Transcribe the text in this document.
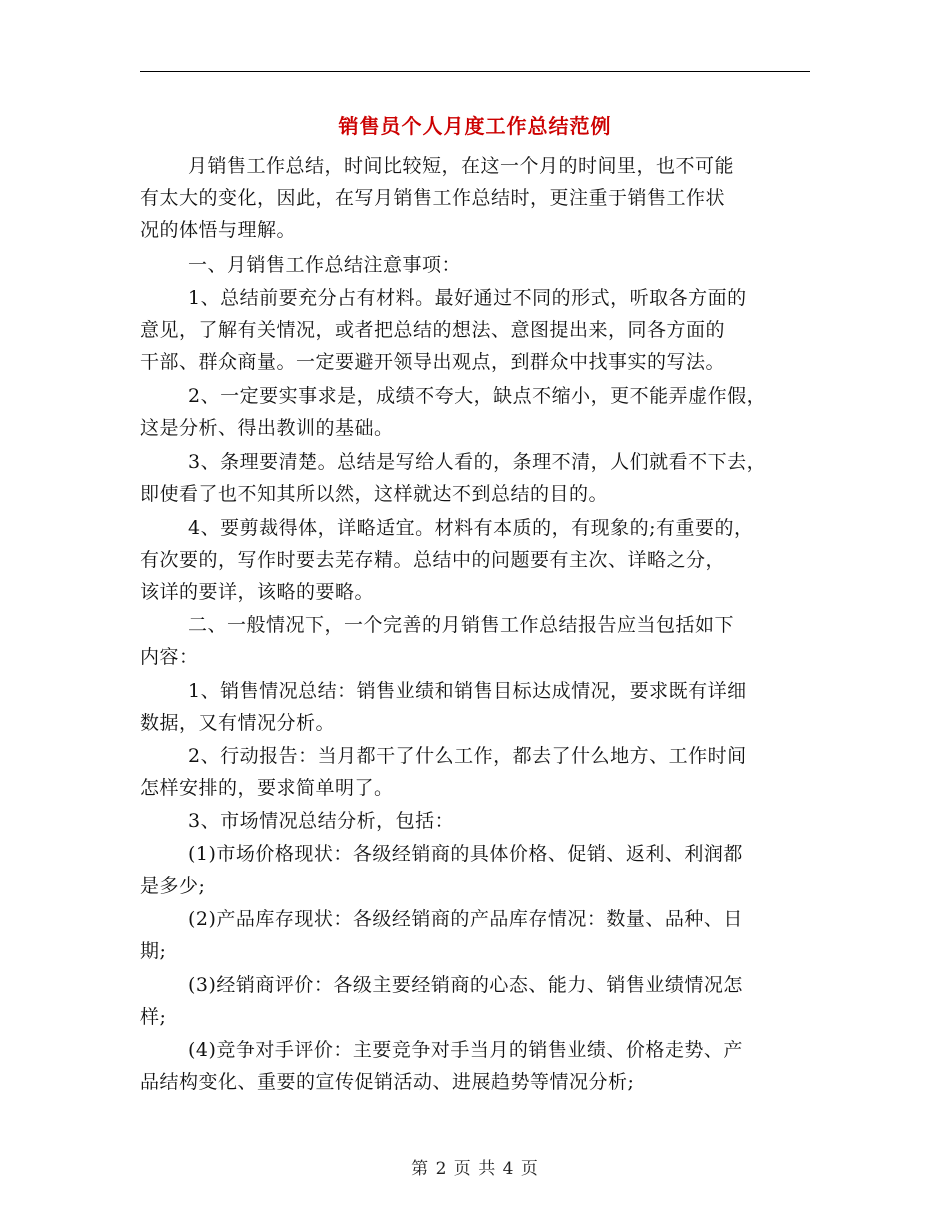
销售员个人月度工作总结范例
月销售工作总结，时间比较短，在这一个月的时间里，也不可能
有太大的变化，因此，在写月销售工作总结时，更注重于销售工作状
况的体悟与理解。
一、月销售工作总结注意事项：
1、总结前要充分占有材料。最好通过不同的形式，听取各方面的
意见，了解有关情况，或者把总结的想法、意图提出来，同各方面的
干部、群众商量。一定要避开领导出观点，到群众中找事实的写法。
2、一定要实事求是，成绩不夸大，缺点不缩小，更不能弄虚作假，
这是分析、得出教训的基础。
3、条理要清楚。总结是写给人看的，条理不清，人们就看不下去，
即使看了也不知其所以然，这样就达不到总结的目的。
4、要剪裁得体，详略适宜。材料有本质的，有现象的;有重要的，
有次要的，写作时要去芜存精。总结中的问题要有主次、详略之分，
该详的要详，该略的要略。
二、一般情况下，一个完善的月销售工作总结报告应当包括如下
内容：
1、销售情况总结：销售业绩和销售目标达成情况，要求既有详细
数据，又有情况分析。
2、行动报告：当月都干了什么工作，都去了什么地方、工作时间
怎样安排的，要求简单明了。
3、市场情况总结分析，包括：
(1)市场价格现状：各级经销商的具体价格、促销、返利、利润都
是多少;
(2)产品库存现状：各级经销商的产品库存情况：数量、品种、日
期;
(3)经销商评价：各级主要经销商的心态、能力、销售业绩情况怎
样;
(4)竞争对手评价：主要竞争对手当月的销售业绩、价格走势、产
品结构变化、重要的宣传促销活动、进展趋势等情况分析;
第 2 页 共 4 页
